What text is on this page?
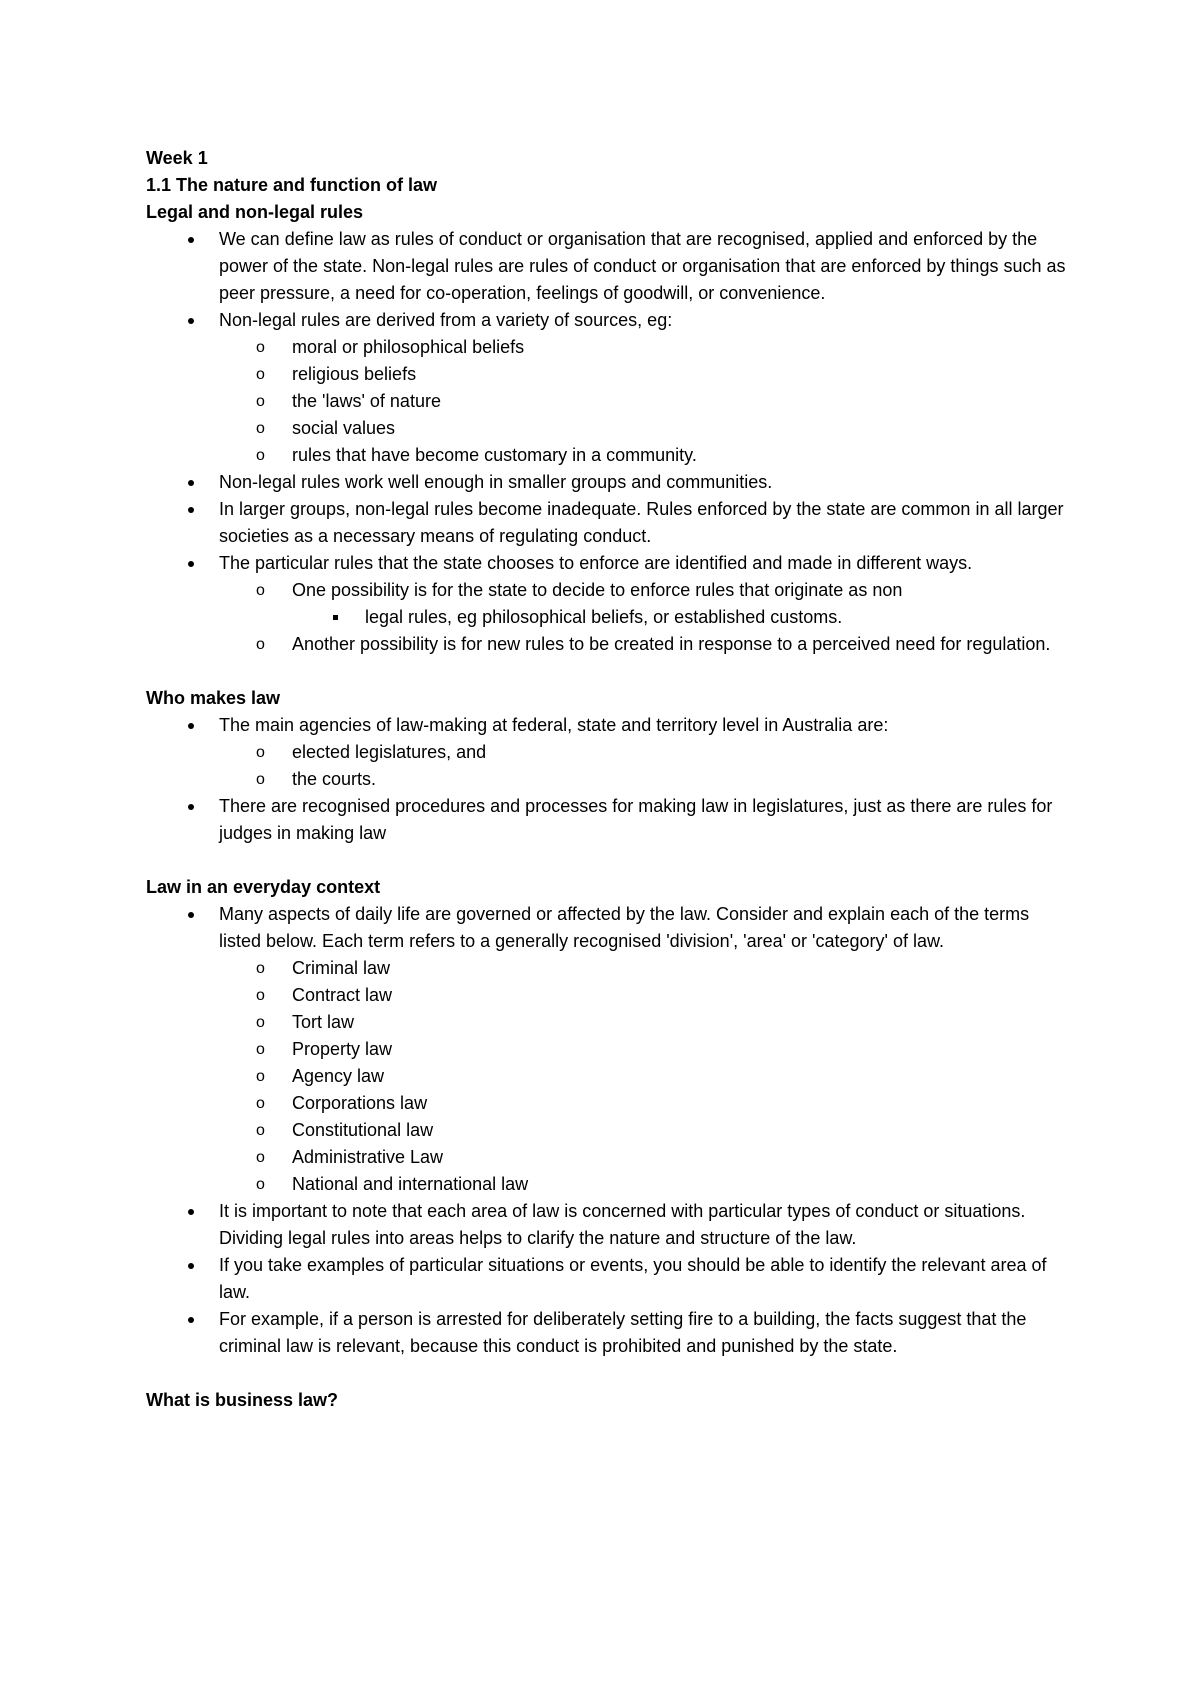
Week 1

1.1 The nature and function of law

Legal and non-legal rules

We can define law as rules of conduct or organisation that are recognised, applied and enforced by the power of the state. Non-legal rules are rules of conduct or organisation that are enforced by things such as peer pressure, a need for co-operation, feelings of goodwill, or convenience.
Non-legal rules are derived from a variety of sources, eg:
o moral or philosophical beliefs
o religious beliefs
o the 'laws' of nature
o social values
o rules that have become customary in a community.
Non-legal rules work well enough in smaller groups and communities.
In larger groups, non-legal rules become inadequate. Rules enforced by the state are common in all larger societies as a necessary means of regulating conduct.
The particular rules that the state chooses to enforce are identified and made in different ways.
o One possibility is for the state to decide to enforce rules that originate as non
legal rules, eg philosophical beliefs, or established customs.
o Another possibility is for new rules to be created in response to a perceived need for regulation.

Who makes law

The main agencies of law-making at federal, state and territory level in Australia are:
o elected legislatures, and
o the courts.
There are recognised procedures and processes for making law in legislatures, just as there are rules for judges in making law

Law in an everyday context

Many aspects of daily life are governed or affected by the law. Consider and explain each of the terms listed below. Each term refers to a generally recognised 'division', 'area' or 'category' of law.
o Criminal law
o Contract law
o Tort law
o Property law
o Agency law
o Corporations law
o Constitutional law
o Administrative Law
o National and international law
It is important to note that each area of law is concerned with particular types of conduct or situations. Dividing legal rules into areas helps to clarify the nature and structure of the law.
If you take examples of particular situations or events, you should be able to identify the relevant area of law.
For example, if a person is arrested for deliberately setting fire to a building, the facts suggest that the criminal law is relevant, because this conduct is prohibited and punished by the state.

What is business law?
